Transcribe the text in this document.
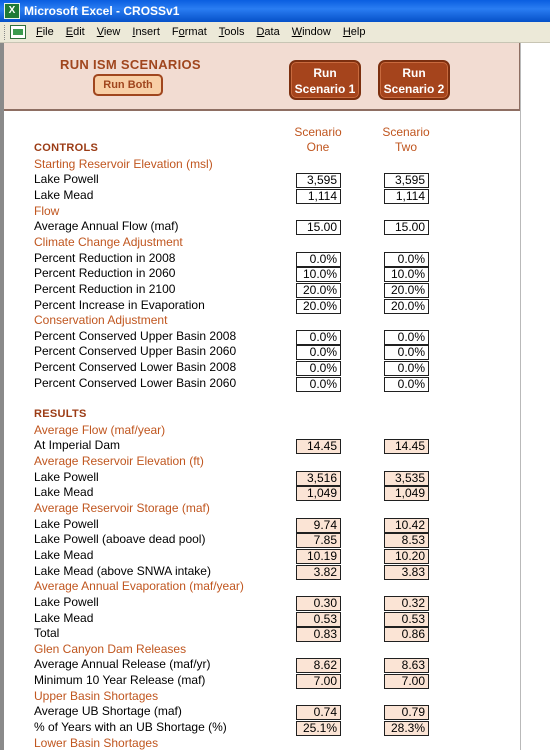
X Microsoft Excel - CROSSv1
File	Edit	View	Insert	Format	Tools	Data	Window	Help
RUN ISM SCENARIOS
Run Both
Run
Scenario 1
Run
Scenario 2
Scenario
One
Scenario
Two
CONTROLS
Starting Reservoir Elevation (msl)
Lake Powell	3,595	3,595
Lake Mead	1,114	1,114
Flow
Average Annual Flow (maf)	15.00	15.00
Climate Change Adjustment
Percent Reduction in 2008	0.0%	0.0%
Percent Reduction in 2060	10.0%	10.0%
Percent Reduction in 2100	20.0%	20.0%
Percent Increase in Evaporation	20.0%	20.0%
Conservation Adjustment
Percent Conserved Upper Basin 2008	0.0%	0.0%
Percent Conserved Upper Basin 2060	0.0%	0.0%
Percent Conserved Lower Basin 2008	0.0%	0.0%
Percent Conserved Lower Basin 2060	0.0%	0.0%
RESULTS
Average Flow (maf/year)
At Imperial Dam	14.45	14.45
Average Reservoir Elevation (ft)
Lake Powell	3,516	3,535
Lake Mead	1,049	1,049
Average Reservoir Storage (maf)
Lake Powell	9.74	10.42
Lake Powell (aboave dead pool)	7.85	8.53
Lake Mead	10.19	10.20
Lake Mead (above SNWA intake)	3.82	3.83
Average Annual Evaporation (maf/year)
Lake Powell	0.30	0.32
Lake Mead	0.53	0.53
Total	0.83	0.86
Glen Canyon Dam Releases
Average Annual Release (maf/yr)	8.62	8.63
Minimum 10 Year Release (maf)	7.00	7.00
Upper Basin Shortages
Average UB Shortage (maf)	0.74	0.79
% of Years with an UB Shortage (%)	25.1%	28.3%
Lower Basin Shortages
